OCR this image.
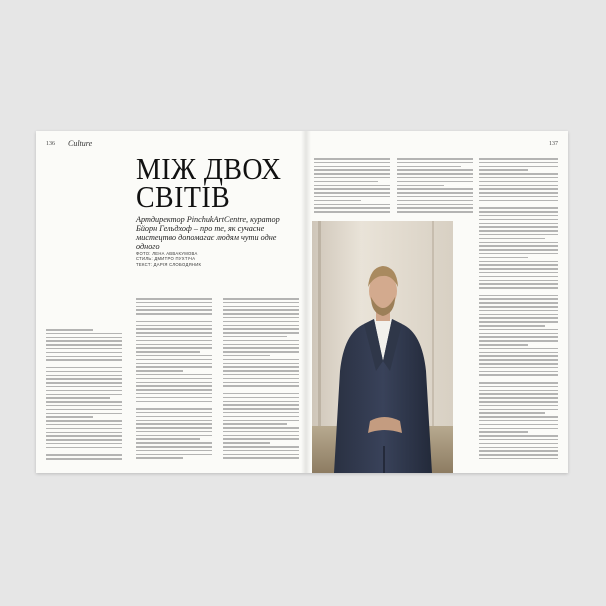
136 Culture	137
МІЖ ДВОХ
СВІТІВ

Артдиректор PinchukArtCentre, куратор Бйорн Гельдхоф – про те, як сучасне мистецтво допомагає людям чути одне одного

ФОТО: ЛЕНА АВВАКУМОВА
СТИЛЬ: ДМИТРО ПУХТІЧА
ТЕКСТ: ДАРІЯ СЛОБОДЯНИК
